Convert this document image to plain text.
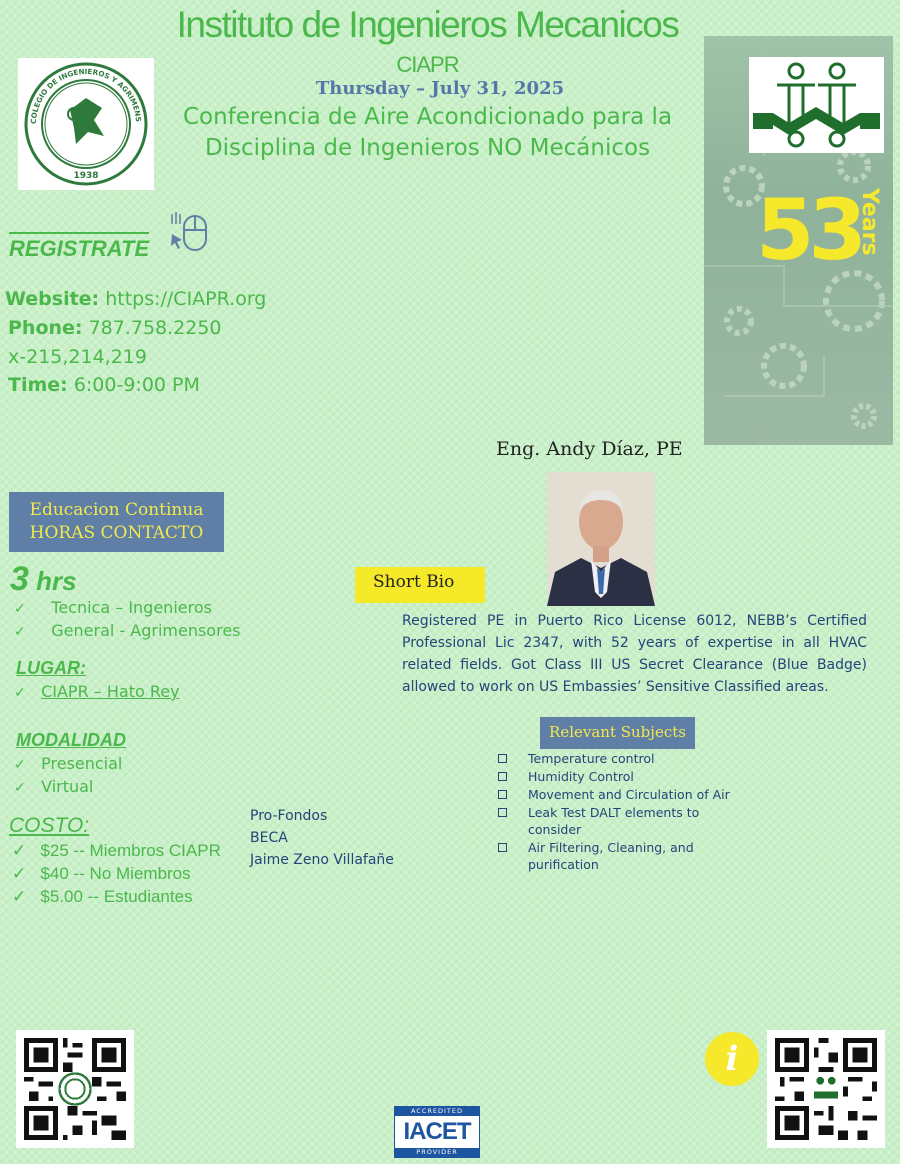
Instituto de Ingenieros Mecanicos
CIAPR
Thursday – July 31, 2025
Conferencia de Aire Acondicionado para la
Disciplina de Ingenieros NO Mecánicos
COLEGIO DE INGENIEROS Y AGRIMENS
1938
53
Years
REGISTRATE
Website: https://CIAPR.org
Phone: 787.758.2250
x-215,214,219
Time: 6:00-9:00 PM
Eng. Andy Díaz, PE
Educacion Continua
HORAS CONTACTO
3 hrs
✓ Tecnica – Ingenieros
✓ General - Agrimensores
LUGAR:
✓ CIAPR – Hato Rey
MODALIDAD
✓ Presencial
✓ Virtual
COSTO:
✓ $25 -- Miembros CIAPR
✓ $40 -- No Miembros
✓ $5.00 -- Estudiantes
Short Bio
Registered PE in Puerto Rico License 6012, NEBB’s Certified Professional Lic 2347, with 52 years of expertise in all HVAC related fields. Got Class III US Secret Clearance (Blue Badge) allowed to work on US Embassies’ Sensitive Classified areas.
Relevant Subjects
Temperature control
Humidity Control
Movement and Circulation of Air
Leak Test DALT elements to consider
Air Filtering, Cleaning, and purification
Pro-Fondos
BECA
Jaime Zeno Villafañe
i
ACCREDITED
IACET
PROVIDER
